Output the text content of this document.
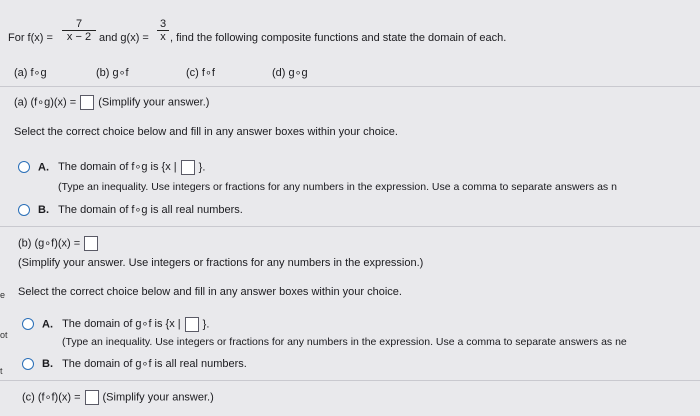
For f(x) =
7
x − 2 and g(x) =
3
x , find the following composite functions and state the domain of each.
(a) f∘g	(b) g∘f	(c) f∘f	(d) g∘g
(a) (f∘g)(x) = (Simplify your answer.)
Select the correct choice below and fill in any answer boxes within your choice.
A. The domain of f∘g is {x | }.
(Type an inequality. Use integers or fractions for any numbers in the expression. Use a comma to separate answers as n
B. The domain of f∘g is all real numbers.
(b) (g∘f)(x) =
(Simplify your answer. Use integers or fractions for any numbers in the expression.)
Select the correct choice below and fill in any answer boxes within your choice.
A. The domain of g∘f is {x | }.
(Type an inequality. Use integers or fractions for any numbers in the expression. Use a comma to separate answers as ne
B. The domain of g∘f is all real numbers.
(c) (f∘f)(x) = (Simplify your answer.)
e
ot
t
